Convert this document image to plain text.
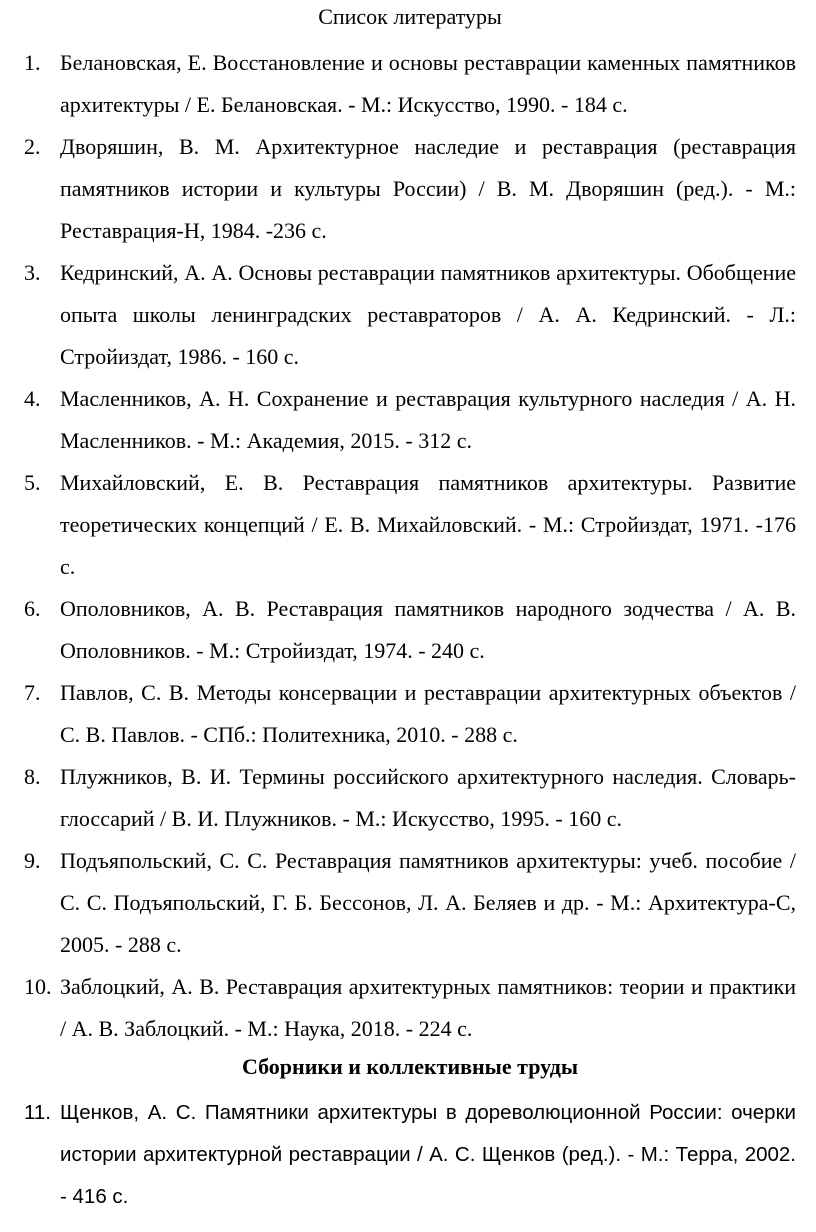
Список литературы
1. Белановская, Е. Восстановление и основы реставрации каменных памятников архитектуры / Е. Белановская. - М.: Искусство, 1990. - 184 с.
2. Дворяшин, В. М. Архитектурное наследие и реставрация (реставрация памятников истории и культуры России) / В. М. Дворяшин (ред.). - М.: Реставрация-Н, 1984. -236 с.
3. Кедринский, А. А. Основы реставрации памятников архитектуры. Обобщение опыта школы ленинградских реставраторов / А. А. Кедринский. - Л.: Стройиздат, 1986. - 160 с.
4. Масленников, А. Н. Сохранение и реставрация культурного наследия / А. Н. Масленников. - М.: Академия, 2015. - 312 с.
5. Михайловский, Е. В. Реставрация памятников архитектуры. Развитие теоретических концепций / Е. В. Михайловский. - М.: Стройиздат, 1971. -176 с.
6. Ополовников, А. В. Реставрация памятников народного зодчества / А. В. Ополовников. - М.: Стройиздат, 1974. - 240 с.
7. Павлов, С. В. Методы консервации и реставрации архитектурных объектов / С. В. Павлов. - СПб.: Политехника, 2010. - 288 с.
8. Плужников, В. И. Термины российского архитектурного наследия. Словарь-глоссарий / В. И. Плужников. - М.: Искусство, 1995. - 160 с.
9. Подъяпольский, С. С. Реставрация памятников архитектуры: учеб. пособие / С. С. Подъяпольский, Г. Б. Бессонов, Л. А. Беляев и др. - М.: Архитектура-С, 2005. - 288 с.
10. Заблоцкий, А. В. Реставрация архитектурных памятников: теории и практики / А. В. Заблоцкий. - М.: Наука, 2018. - 224 с.
Сборники и коллективные труды
11. Щенков, А. С. Памятники архитектуры в дореволюционной России: очерки истории архитектурной реставрации / А. С. Щенков (ред.). - М.: Терра, 2002. - 416 с.
